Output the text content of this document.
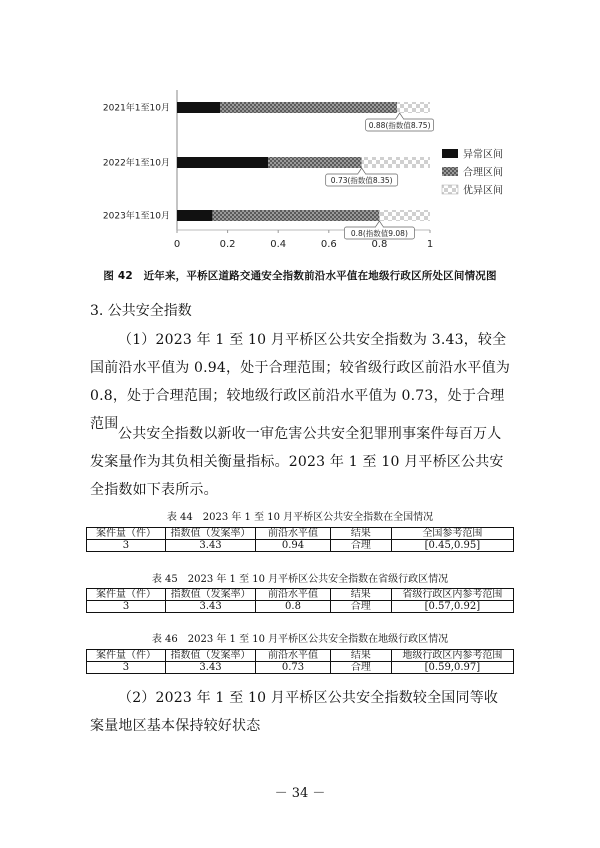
0	0.2	0.4	0.6	0.8	1
2021年1至10月
2022年1至10月
2023年1至10月
0.88(指数值8.75)
0.73(指数值8.35)
0.8(指数值9.08)
异常区间
合理区间
优异区间
图 42　近年来，平桥区道路交通安全指数前沿水平值在地级行政区所处区间情况图
3. 公共安全指数

（1）2023 年 1 至 10 月平桥区公共安全指数为 3.43，较全国前沿水平值为 0.94，处于合理范围；较省级行政区前沿水平值为 0.8，处于合理范围；较地级行政区前沿水平值为 0.73，处于合理范围

公共安全指数以新收一审危害公共安全犯罪刑事案件每百万人发案量作为其负相关衡量指标。2023 年 1 至 10 月平桥区公共安全指数如下表所示。

表 44　2023 年 1 至 10 月平桥区公共安全指数在全国情况
案件量（件）	指数值（发案率）	前沿水平值	结果	全国参考范围
3	3.43	0.94	合理	[0.45,0.95]
表 45　2023 年 1 至 10 月平桥区公共安全指数在省级行政区情况
案件量（件）	指数值（发案率）	前沿水平值	结果	省级行政区内参考范围
3	3.43	0.8	合理	[0.57,0.92]
表 46　2023 年 1 至 10 月平桥区公共安全指数在地级行政区情况
案件量（件）	指数值（发案率）	前沿水平值	结果	地级行政区内参考范围
3	3.43	0.73	合理	[0.59,0.97]

（2）2023 年 1 至 10 月平桥区公共安全指数较全国同等收案量地区基本保持较好状态

－ 34 －
